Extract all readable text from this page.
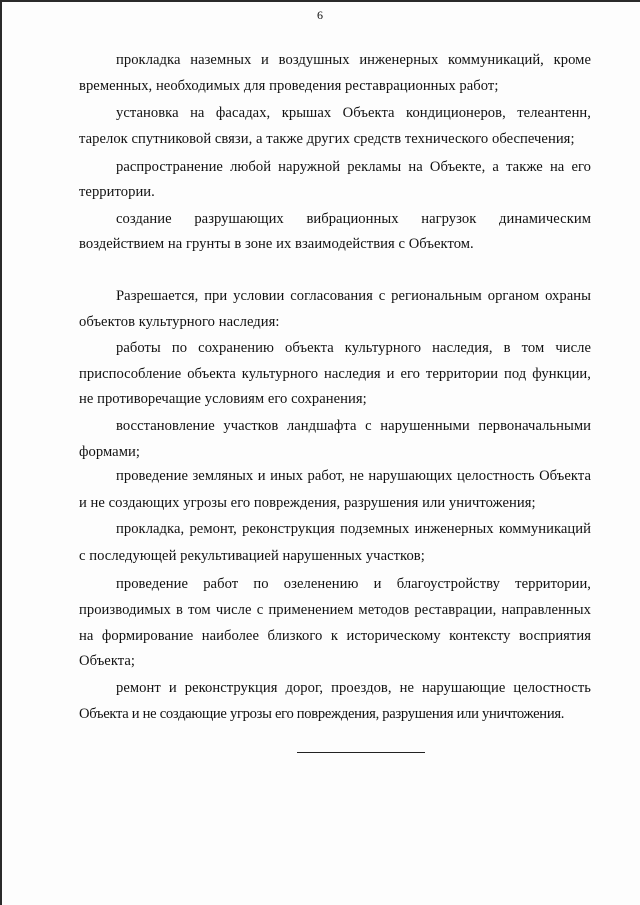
6
прокладка наземных и воздушных инженерных коммуникаций, кроме
временных, необходимых для проведения реставрационных работ;
установка на фасадах, крышах Объекта кондиционеров, телеантенн,
тарелок спутниковой связи, а также других средств технического обеспечения;
распространение любой наружной рекламы на Объекте, а также на его
территории.
создание разрушающих вибрационных нагрузок динамическим
воздействием на грунты в зоне их взаимодействия с Объектом.
Разрешается, при условии согласования с региональным органом охраны
объектов культурного наследия:
работы по сохранению объекта культурного наследия, в том числе
приспособление объекта культурного наследия и его территории под функции,
не противоречащие условиям его сохранения;
восстановление участков ландшафта с нарушенными первоначальными
формами;
проведение земляных и иных работ, не нарушающих целостность Объекта
и не создающих угрозы его повреждения, разрушения или уничтожения;
прокладка, ремонт, реконструкция подземных инженерных коммуникаций
с последующей рекультивацией нарушенных участков;
проведение работ по озеленению и благоустройству территории,
производимых в том числе с применением методов реставрации, направленных
на формирование наиболее близкого к историческому контексту восприятия
Объекта;
ремонт и реконструкция дорог, проездов, не нарушающие целостность
Объекта и не создающие угрозы его повреждения, разрушения или уничтожения.
